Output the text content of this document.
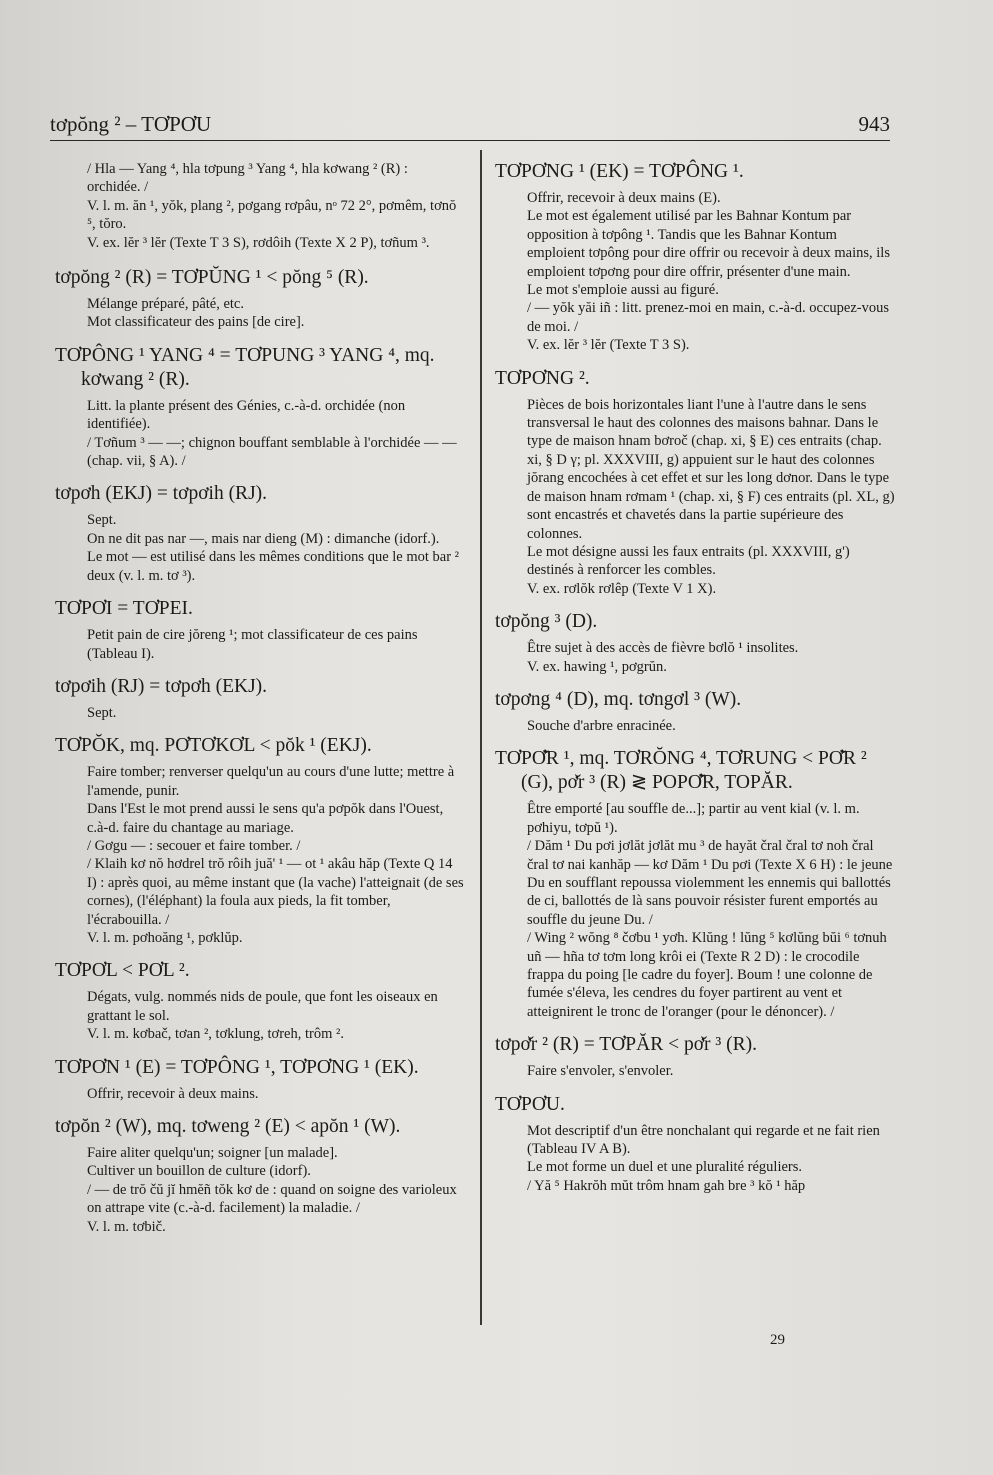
tơpŏng ² – TƠPƠU	943

/ Hla — Yang ⁴, hla tơpung ³ Yang ⁴, hla kơwang ² (R) : orchidée. /

V. l. m. ăn ¹, yŏk, plang ², pơgang rơpâu, nᵒ 72 2°, pơmêm, tơnŏ ⁵, tŏro.

V. ex. lĕr ³ lĕr (Texte T 3 S), rơdôih (Texte X 2 P), tơñum ³.

tơpŏng ² (R) = TƠPŬNG ¹ < pŏng ⁵ (R).

Mélange préparé, pâté, etc.

Mot classificateur des pains [de cire].

TƠPÔNG ¹ YANG ⁴ = TƠPUNG ³ YANG ⁴, mq. kơwang ² (R).

Litt. la plante présent des Génies, c.-à-d. orchidée (non identifiée).

/ Tơñum ³ — —; chignon bouffant semblable à l'orchidée — — (chap. vii, § A). /

tơpơh (EKJ) = tơpơih (RJ).

Sept.

On ne dit pas nar —, mais nar dieng (M) : dimanche (idorf.).

Le mot — est utilisé dans les mêmes conditions que le mot bar ² deux (v. l. m. tơ ³).

TƠPƠI = TƠPEI.

Petit pain de cire jŏreng ¹; mot classificateur de ces pains (Tableau I).

tơpơih (RJ) = tơpơh (EKJ).

Sept.

TƠPŎK, mq. PƠTƠKƠL < pŏk ¹ (EKJ).

Faire tomber; renverser quelqu'un au cours d'une lutte; mettre à l'amende, punir.

Dans l'Est le mot prend aussi le sens qu'a pơpŏk dans l'Ouest, c.à-d. faire du chantage au mariage.

/ Gơgu — : secouer et faire tomber. /

/ Klaih kơ nŏ hơdrel trŏ rôih juă' ¹ — ot ¹ akâu hăp (Texte Q 14 I) : après quoi, au même instant que (la vache) l'atteignait (de ses cornes), (l'éléphant) la foula aux pieds, la fit tomber, l'écrabouilla. /

V. l. m. pơhoăng ¹, pơklŭp.

TƠPƠL < PƠL ².

Dégats, vulg. nommés nids de poule, que font les oiseaux en grattant le sol.

V. l. m. kơbač, tơan ², tơklung, tơreh, trôm ².

TƠPƠN ¹ (E) = TƠPÔNG ¹, TƠPƠNG ¹ (EK).

Offrir, recevoir à deux mains.

tơpŏn ² (W), mq. tơweng ² (E) < apŏn ¹ (W).

Faire aliter quelqu'un; soigner [un malade].

Cultiver un bouillon de culture (idorf).

/ — de trŏ čŭ jĭ hmĕñ tŏk kơ de : quand on soigne des varioleux on attrape vite (c.-à-d. facilement) la maladie. /

V. l. m. tơbič.

TƠPƠNG ¹ (EK) = TƠPÔNG ¹.

Offrir, recevoir à deux mains (E).

Le mot est également utilisé par les Bahnar Kontum par opposition à tơpông ¹. Tandis que les Bahnar Kontum emploient tơpông pour dire offrir ou recevoir à deux mains, ils emploient tơpơng pour dire offrir, présenter d'une main.

Le mot s'emploie aussi au figuré.

/ — yŏk yăi iñ : litt. prenez-moi en main, c.-à-d. occupez-vous de moi. /

V. ex. lĕr ³ lĕr (Texte T 3 S).

TƠPƠNG ².

Pièces de bois horizontales liant l'une à l'autre dans le sens transversal le haut des colonnes des maisons bahnar. Dans le type de maison hnam bơroč (chap. xi, § E) ces entraits (chap. xi, § D γ; pl. XXXVIII, g) appuient sur le haut des colonnes jŏrang encochées à cet effet et sur les long dơnor. Dans le type de maison hnam rơmam ¹ (chap. xi, § F) ces entraits (pl. XL, g) sont encastrés et chavetés dans la partie supérieure des colonnes.

Le mot désigne aussi les faux entraits (pl. XXXVIII, g') destinés à renforcer les combles.

V. ex. rơlŏk rơlêp (Texte V 1 X).

tơpŏng ³ (D).

Être sujet à des accès de fièvre bơlŏ ¹ insolites.

V. ex. hawing ¹, pơgrŭn.

tơpơng ⁴ (D), mq. tơngơl ³ (W).

Souche d'arbre enracinée.

TƠPƠ̆R ¹, mq. TƠRŎNG ⁴, TƠRUNG < PƠ̆R ² (G), pơ̆r ³ (R) ≷ POPƠ̆R, TOPĂR.

Être emporté [au souffle de...]; partir au vent kial (v. l. m. pơhiyu, tơpŭ ¹).

/ Dăm ¹ Du pơi jơlăt jơlăt mu ³ de hayăt čral čral tơ noh čral čral tơ nai kanhăp — kơ Dăm ¹ Du pơi (Texte X 6 H) : le jeune Du en soufflant repoussa violemment les ennemis qui ballottés de ci, ballottés de là sans pouvoir résister furent emportés au souffle du jeune Du. /

/ Wing ² wŏng ⁸ čơbu ¹ yơh. Klŭng ! lŭng ⁵ kơlŭng bŭi ⁶ tơnuh uñ — hña tơ tơm long krôi ei (Texte R 2 D) : le crocodile frappa du poing [le cadre du foyer]. Boum ! une colonne de fumée s'éleva, les cendres du foyer partirent au vent et atteignirent le tronc de l'oranger (pour le dénoncer). /

tơpơ̆r ² (R) = TƠPĂR < pơ̆r ³ (R).

Faire s'envoler, s'envoler.

TƠPƠU.

Mot descriptif d'un être nonchalant qui regarde et ne fait rien (Tableau IV A B).

Le mot forme un duel et une pluralité réguliers.

/ Yă ⁵ Hakrŏh mŭt trôm hnam gah bre ³ kŏ ¹ hăp

29
